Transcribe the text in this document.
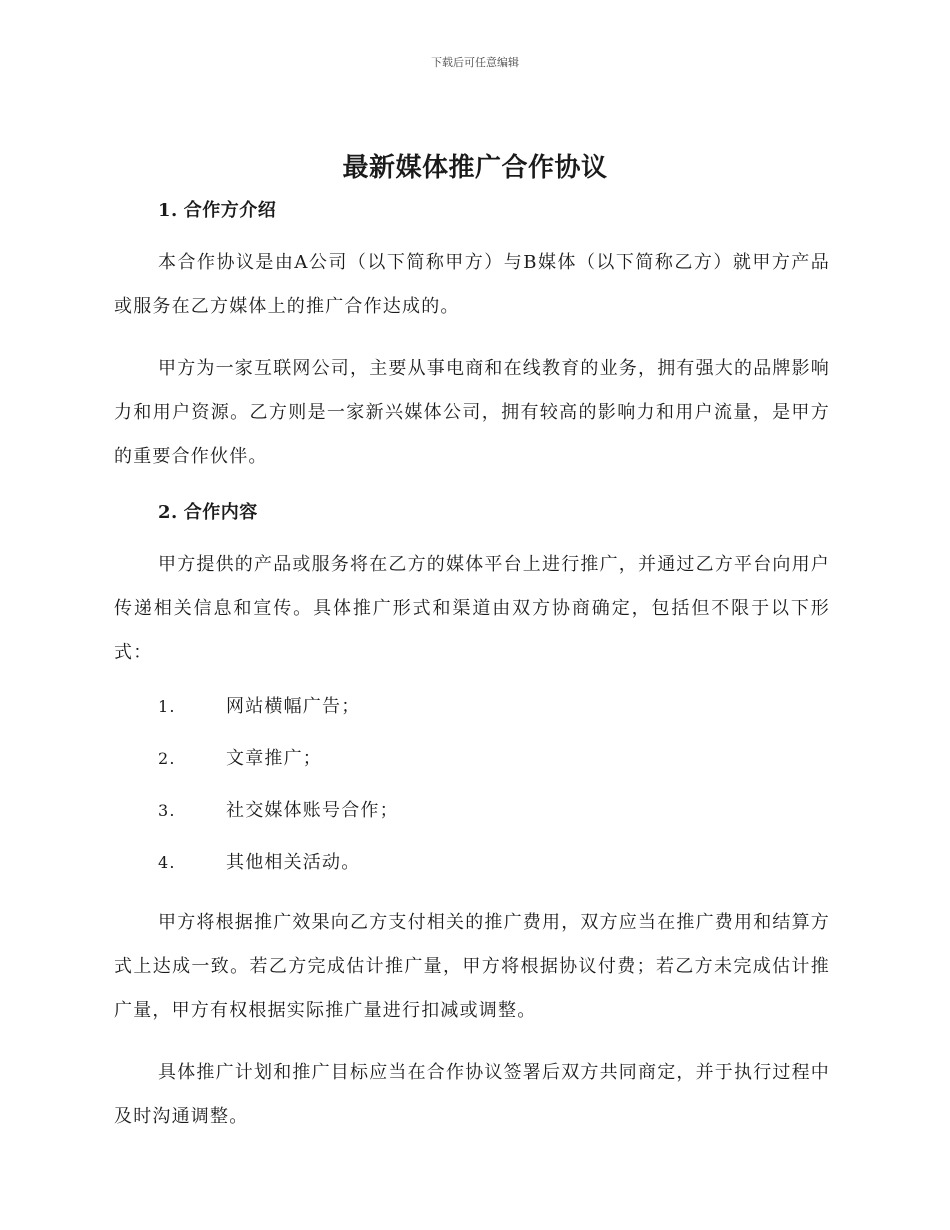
下载后可任意编辑
最新媒体推广合作协议
1. 合作方介绍

本合作协议是由A公司（以下简称甲方）与B媒体（以下简称乙方）就甲方产品或服务在乙方媒体上的推广合作达成的。

甲方为一家互联网公司，主要从事电商和在线教育的业务，拥有强大的品牌影响力和用户资源。乙方则是一家新兴媒体公司，拥有较高的影响力和用户流量，是甲方的重要合作伙伴。

2. 合作内容

甲方提供的产品或服务将在乙方的媒体平台上进行推广，并通过乙方平台向用户传递相关信息和宣传。具体推广形式和渠道由双方协商确定，包括但不限于以下形式：

1.	网站横幅广告；
2.	文章推广；
3.	社交媒体账号合作；
4.	其他相关活动。

甲方将根据推广效果向乙方支付相关的推广费用，双方应当在推广费用和结算方式上达成一致。若乙方完成估计推广量，甲方将根据协议付费；若乙方未完成估计推广量，甲方有权根据实际推广量进行扣减或调整。

具体推广计划和推广目标应当在合作协议签署后双方共同商定，并于执行过程中及时沟通调整。
